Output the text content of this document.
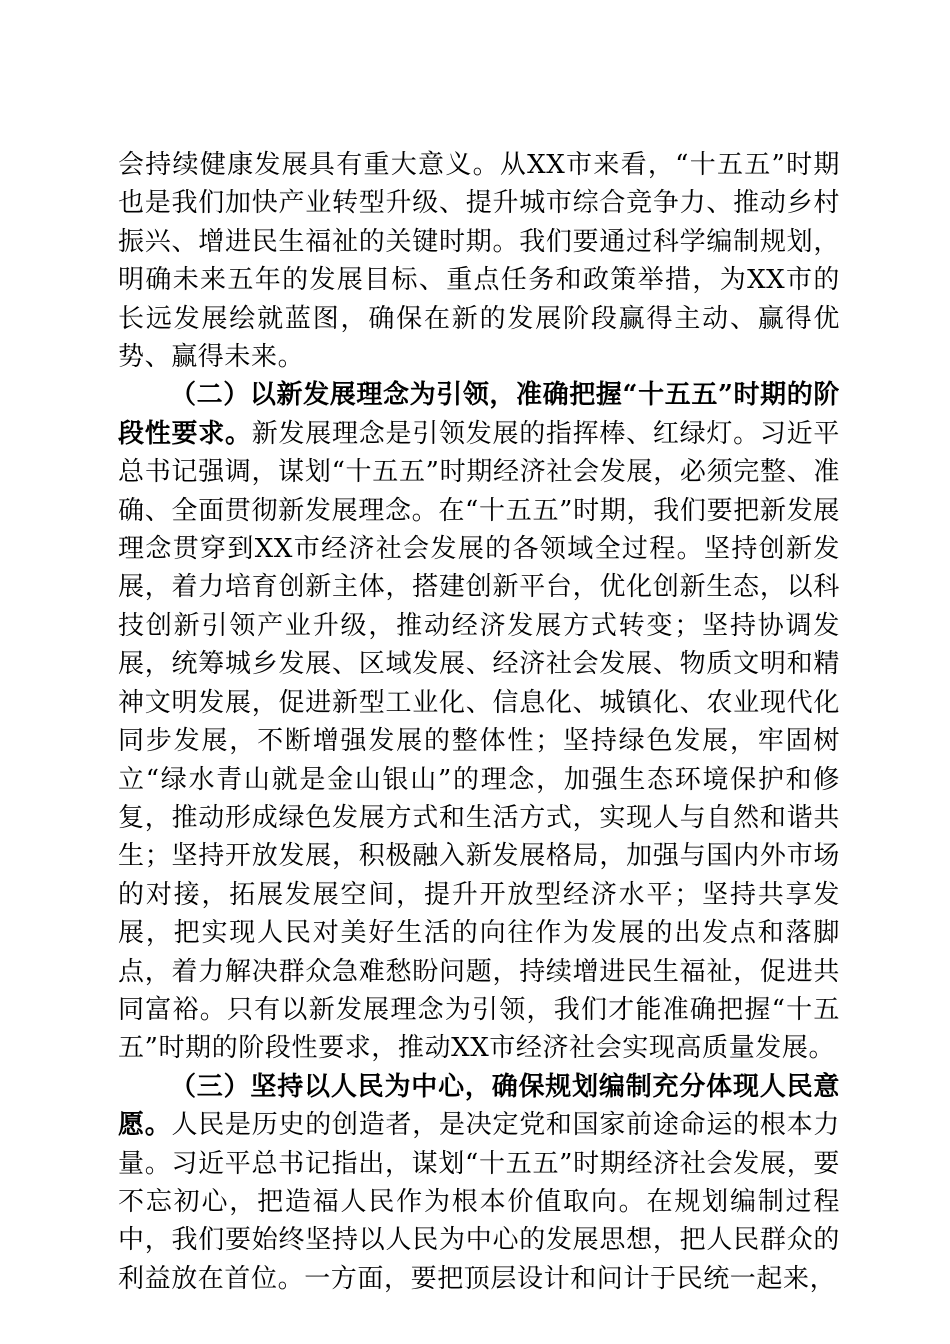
会持续健康发展具有重大意义。从XX市来看，“十五五”时期也是我们加快产业转型升级、提升城市综合竞争力、推动乡村振兴、增进民生福祉的关键时期。我们要通过科学编制规划，明确未来五年的发展目标、重点任务和政策举措，为XX市的长远发展绘就蓝图，确保在新的发展阶段赢得主动、赢得优势、赢得未来。

（二）以新发展理念为引领，准确把握“十五五”时期的阶段性要求。新发展理念是引领发展的指挥棒、红绿灯。习近平总书记强调，谋划“十五五”时期经济社会发展，必须完整、准确、全面贯彻新发展理念。在“十五五”时期，我们要把新发展理念贯穿到XX市经济社会发展的各领域全过程。坚持创新发展，着力培育创新主体，搭建创新平台，优化创新生态，以科技创新引领产业升级，推动经济发展方式转变；坚持协调发展，统筹城乡发展、区域发展、经济社会发展、物质文明和精神文明发展，促进新型工业化、信息化、城镇化、农业现代化同步发展，不断增强发展的整体性；坚持绿色发展，牢固树立“绿水青山就是金山银山”的理念，加强生态环境保护和修复，推动形成绿色发展方式和生活方式，实现人与自然和谐共生；坚持开放发展，积极融入新发展格局，加强与国内外市场的对接，拓展发展空间，提升开放型经济水平；坚持共享发展，把实现人民对美好生活的向往作为发展的出发点和落脚点，着力解决群众急难愁盼问题，持续增进民生福祉，促进共同富裕。只有以新发展理念为引领，我们才能准确把握“十五五”时期的阶段性要求，推动XX市经济社会实现高质量发展。

（三）坚持以人民为中心，确保规划编制充分体现人民意愿。人民是历史的创造者，是决定党和国家前途命运的根本力量。习近平总书记指出，谋划“十五五”时期经济社会发展，要不忘初心，把造福人民作为根本价值取向。在规划编制过程中，我们要始终坚持以人民为中心的发展思想，把人民群众的利益放在首位。一方面，要把顶层设计和问计于民统一起来，
